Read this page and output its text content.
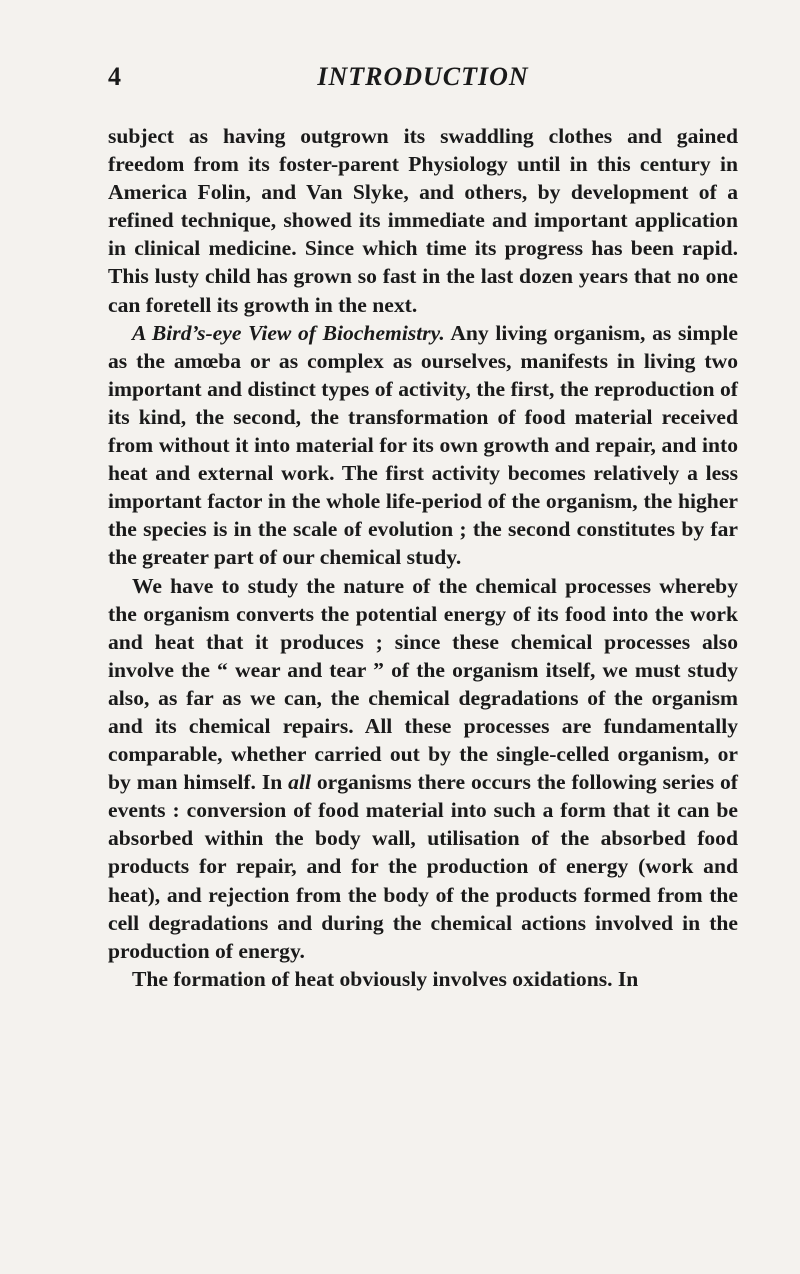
4	INTRODUCTION

subject as having outgrown its swaddling clothes and gained freedom from its foster-parent Physiology until in this century in America Folin, and Van Slyke, and others, by development of a refined technique, showed its immediate and important application in clinical medicine. Since which time its progress has been rapid. This lusty child has grown so fast in the last dozen years that no one can foretell its growth in the next.

A Bird’s-eye View of Biochemistry. Any living organism, as simple as the amœba or as complex as ourselves, manifests in living two important and distinct types of activity, the first, the reproduction of its kind, the second, the transformation of food material received from without it into material for its own growth and repair, and into heat and external work. The first activity becomes relatively a less important factor in the whole life-period of the organism, the higher the species is in the scale of evolution ; the second constitutes by far the greater part of our chemical study.

We have to study the nature of the chemical processes whereby the organism converts the potential energy of its food into the work and heat that it produces ; since these chemical processes also involve the “ wear and tear ” of the organism itself, we must study also, as far as we can, the chemical degradations of the organism and its chemical repairs. All these processes are fundamentally comparable, whether carried out by the single-celled organism, or by man himself. In all organisms there occurs the following series of events : conversion of food material into such a form that it can be absorbed within the body wall, utilisation of the absorbed food products for repair, and for the production of energy (work and heat), and rejection from the body of the products formed from the cell degradations and during the chemical actions involved in the production of energy.

The formation of heat obviously involves oxidations. In
